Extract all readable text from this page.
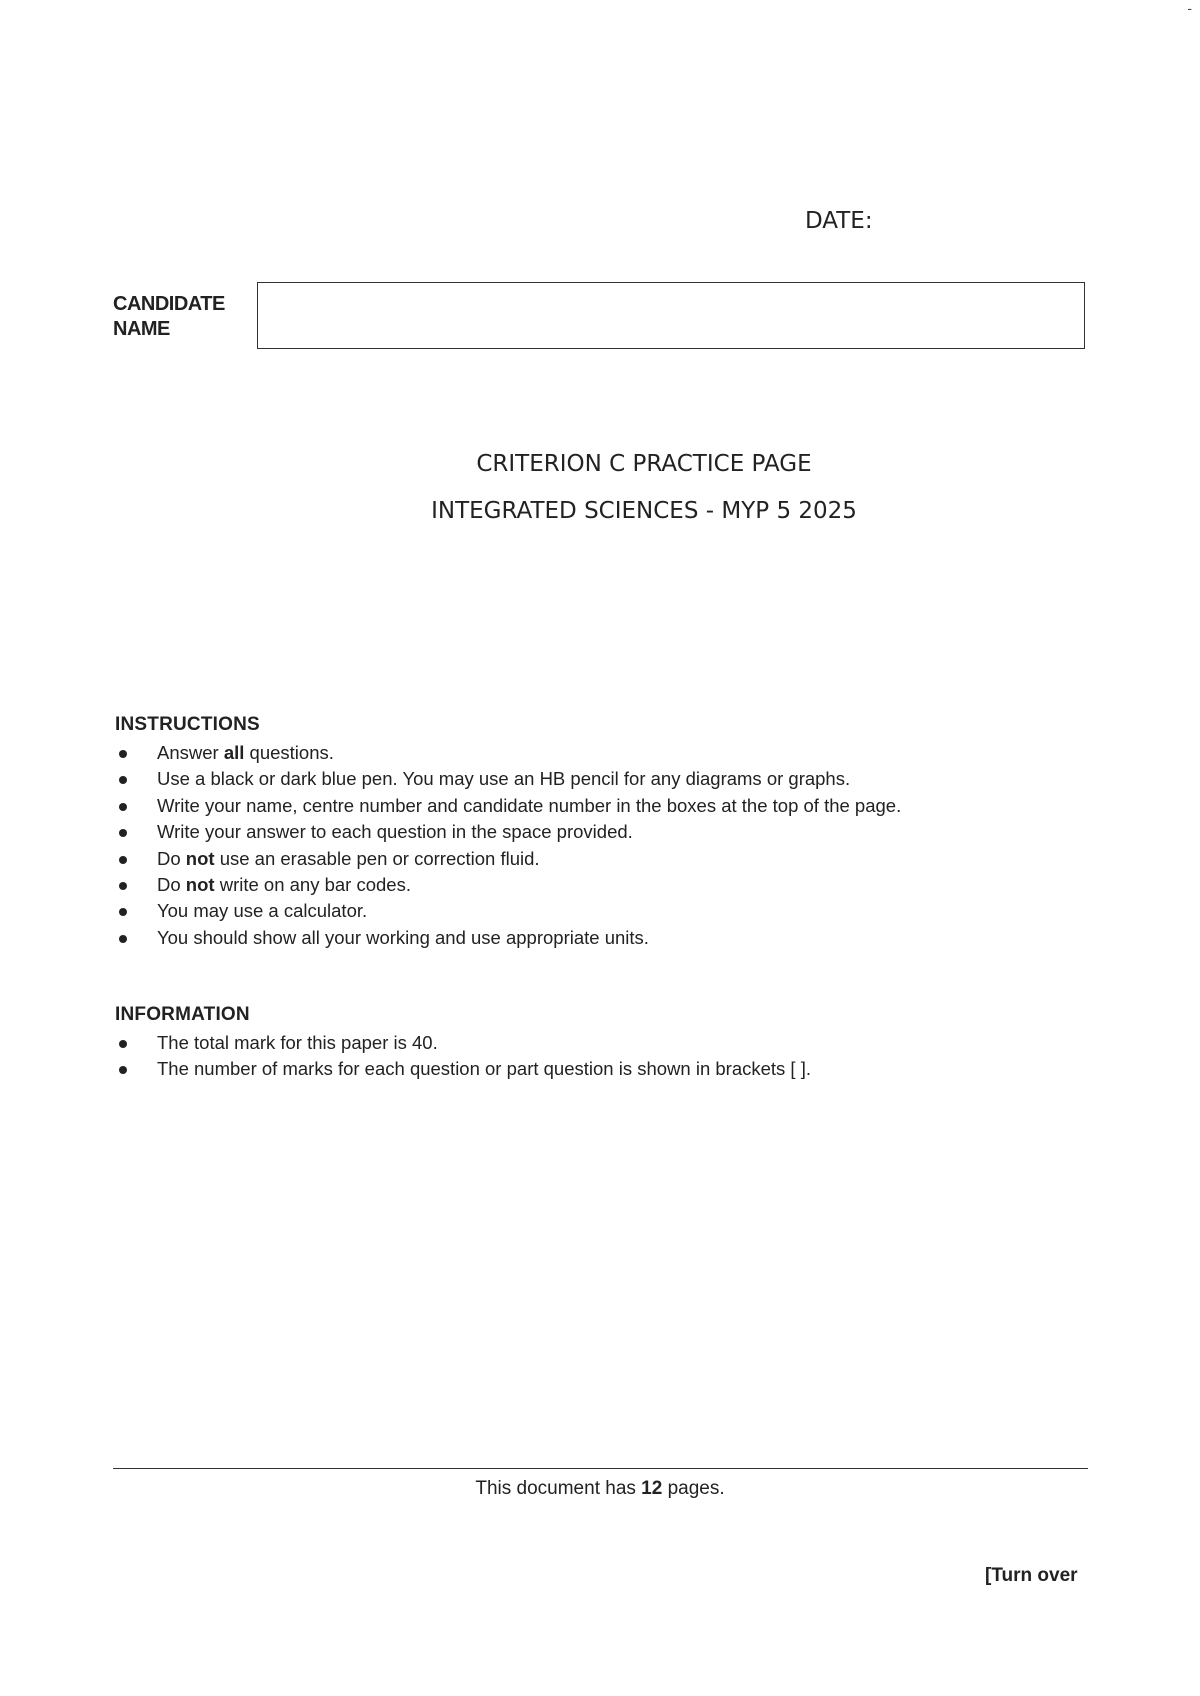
-
DATE:
CANDIDATE
NAME
CRITERION C PRACTICE PAGE
INTEGRATED SCIENCES - MYP 5 2025
INSTRUCTIONS
Answer all questions.
Use a black or dark blue pen. You may use an HB pencil for any diagrams or graphs.
Write your name, centre number and candidate number in the boxes at the top of the page.
Write your answer to each question in the space provided.
Do not use an erasable pen or correction fluid.
Do not write on any bar codes.
You may use a calculator.
You should show all your working and use appropriate units.
INFORMATION
The total mark for this paper is 40.
The number of marks for each question or part question is shown in brackets [ ].
This document has 12 pages.
[Turn over
